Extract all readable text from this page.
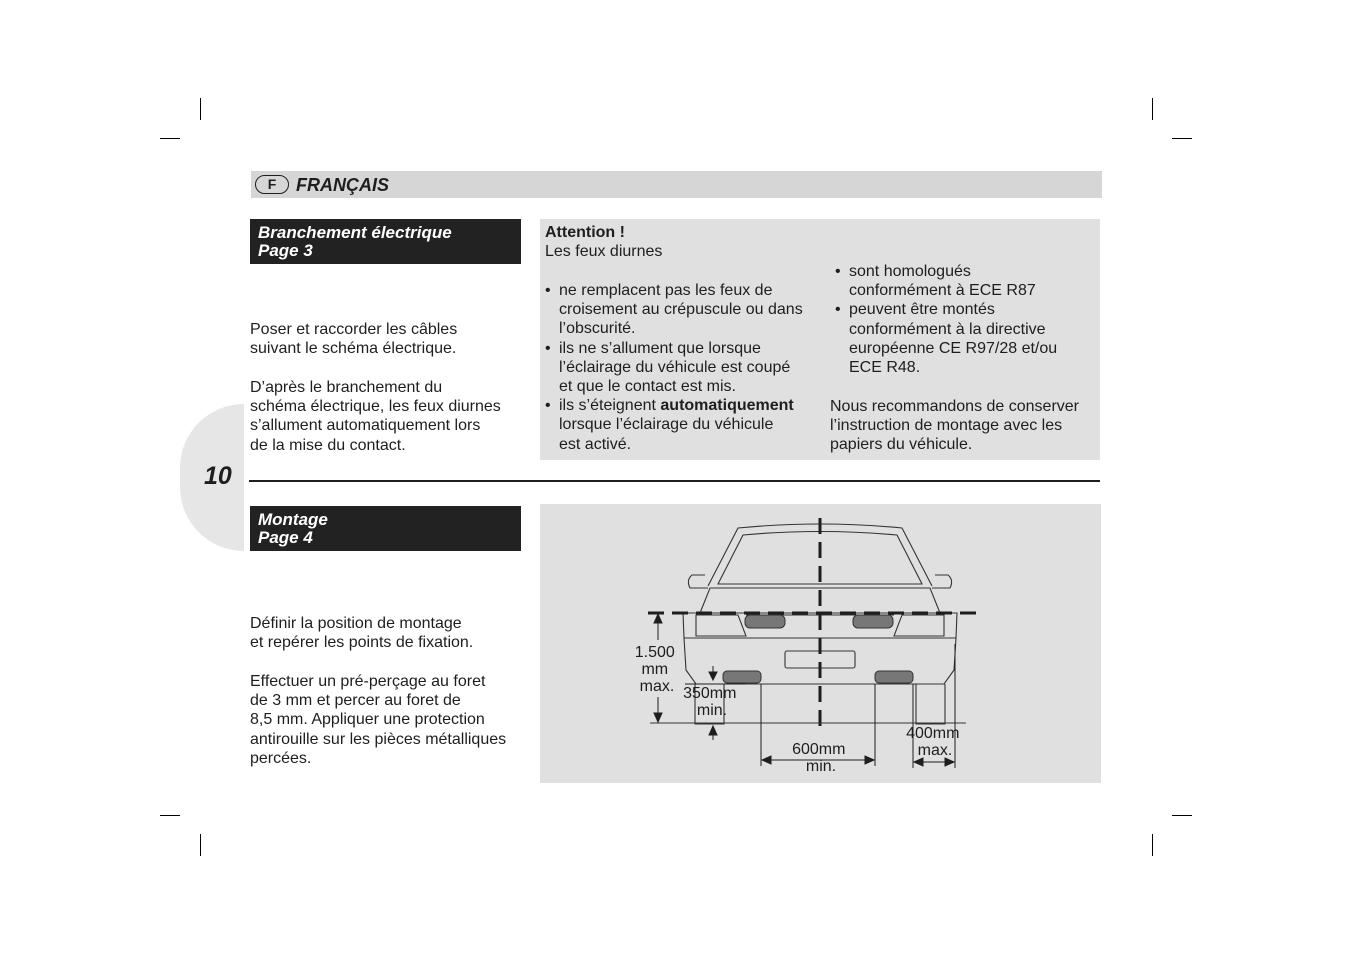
F	FRANÇAIS
10
Branchement électrique
Page 3
Poser et raccorder les câbles
suivant le schéma électrique.
D’après le branchement du
schéma électrique, les feux diurnes
s’allument automatiquement lors
de la mise du contact.
Attention !
Les feux diurnes
• ne remplacent pas les feux de
croisement au crépuscule ou dans
l’obscurité.
• ils ne s’allument que lorsque
l’éclairage du véhicule est coupé
et que le contact est mis.
• ils s’éteignent automatiquement
lorsque l’éclairage du véhicule
est activé.
• sont homologués
conformément à ECE R87
• peuvent être montés
conformément à la directive
européenne CE R97/28 et/ou
ECE R48.
Nous recommandons de conserver
l’instruction de montage avec les
papiers du véhicule.
Montage
Page 4
Définir la position de montage
et repérer les points de fixation.
Effectuer un pré-perçage au foret
de 3 mm et percer au foret de
8,5 mm. Appliquer une protection
antirouille sur les pièces métalliques
percées.
1.500 mm max. 350mm min.
600mm min.
400mm max.
